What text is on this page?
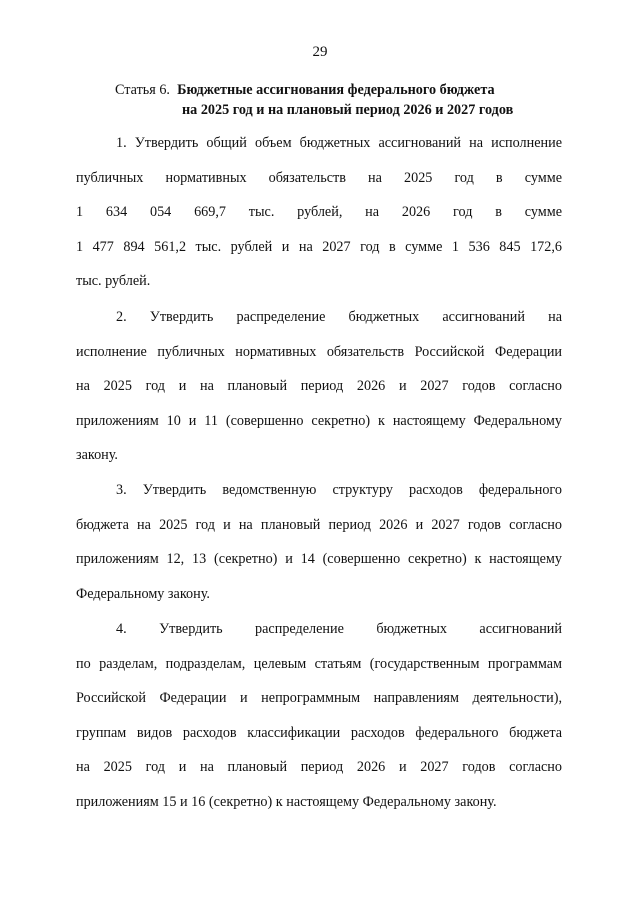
29
Статья 6. Бюджетные ассигнования федерального бюджета
на 2025 год и на плановый период 2026 и 2027 годов
1. Утвердить общий объем бюджетных ассигнований на исполнение
публичных нормативных обязательств на 2025 год в сумме
1 634 054 669,7 тыс. рублей, на 2026 год в сумме
1 477 894 561,2 тыс. рублей и на 2027 год в сумме 1 536 845 172,6
тыс. рублей.
2. Утвердить распределение бюджетных ассигнований на
исполнение публичных нормативных обязательств Российской Федерации
на 2025 год и на плановый период 2026 и 2027 годов согласно
приложениям 10 и 11 (совершенно секретно) к настоящему Федеральному
закону.
3. Утвердить ведомственную структуру расходов федерального
бюджета на 2025 год и на плановый период 2026 и 2027 годов согласно
приложениям 12, 13 (секретно) и 14 (совершенно секретно) к настоящему
Федеральному закону.
4. Утвердить распределение бюджетных ассигнований
по разделам, подразделам, целевым статьям (государственным программам
Российской Федерации и непрограммным направлениям деятельности),
группам видов расходов классификации расходов федерального бюджета
на 2025 год и на плановый период 2026 и 2027 годов согласно
приложениям 15 и 16 (секретно) к настоящему Федеральному закону.
